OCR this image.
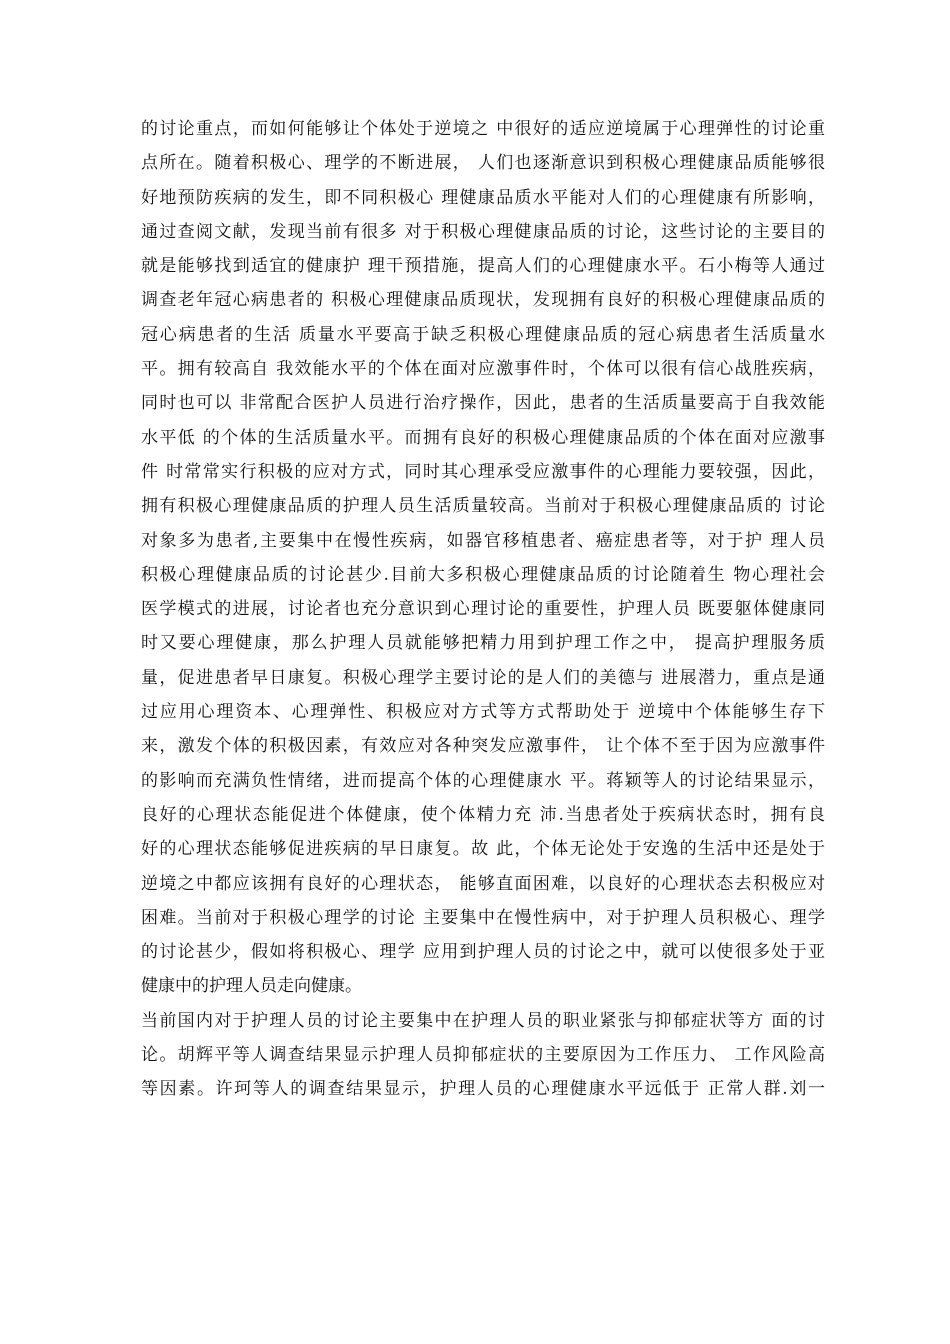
的讨论重点，而如何能够让个体处于逆境之 中很好的适应逆境属于心理弹性的讨论重
点所在。随着积极心、理学的不断进展， 人们也逐渐意识到积极心理健康品质能够很
好地预防疾病的发生，即不同积极心 理健康品质水平能对人们的心理健康有所影响，
通过查阅文献，发现当前有很多 对于积极心理健康品质的讨论，这些讨论的主要目的
就是能够找到适宜的健康护 理干预措施，提高人们的心理健康水平。石小梅等人通过
调查老年冠心病患者的 积极心理健康品质现状，发现拥有良好的积极心理健康品质的
冠心病患者的生活 质量水平要高于缺乏积极心理健康品质的冠心病患者生活质量水
平。拥有较高自 我效能水平的个体在面对应激事件时，个体可以很有信心战胜疾病，
同时也可以 非常配合医护人员进行治疗操作，因此，患者的生活质量要高于自我效能
水平低 的个体的生活质量水平。而拥有良好的积极心理健康品质的个体在面对应激事
件 时常常实行积极的应对方式，同时其心理承受应激事件的心理能力要较强，因此，
拥有积极心理健康品质的护理人员生活质量较高。当前对于积极心理健康品质的 讨论
对象多为患者,主要集中在慢性疾病，如器官移植患者、癌症患者等，对于护 理人员
积极心理健康品质的讨论甚少.目前大多积极心理健康品质的讨论随着生 物心理社会
医学模式的进展，讨论者也充分意识到心理讨论的重要性，护理人员 既要躯体健康同
时又要心理健康，那么护理人员就能够把精力用到护理工作之中， 提高护理服务质
量，促进患者早日康复。积极心理学主要讨论的是人们的美德与 进展潜力，重点是通
过应用心理资本、心理弹性、积极应对方式等方式帮助处于 逆境中个体能够生存下
来，激发个体的积极因素，有效应对各种突发应激事件， 让个体不至于因为应激事件
的影响而充满负性情绪，进而提高个体的心理健康水 平。蒋颖等人的讨论结果显示，
良好的心理状态能促进个体健康，使个体精力充 沛.当患者处于疾病状态时，拥有良
好的心理状态能够促进疾病的早日康复。故 此，个体无论处于安逸的生活中还是处于
逆境之中都应该拥有良好的心理状态， 能够直面困难，以良好的心理状态去积极应对
困难。当前对于积极心理学的讨论 主要集中在慢性病中，对于护理人员积极心、理学
的讨论甚少，假如将积极心、理学 应用到护理人员的讨论之中，就可以使很多处于亚
健康中的护理人员走向健康。
当前国内对于护理人员的讨论主要集中在护理人员的职业紧张与抑郁症状等方 面的讨
论。胡辉平等人调查结果显示护理人员抑郁症状的主要原因为工作压力、 工作风险高
等因素。许珂等人的调查结果显示，护理人员的心理健康水平远低于 正常人群.刘一
